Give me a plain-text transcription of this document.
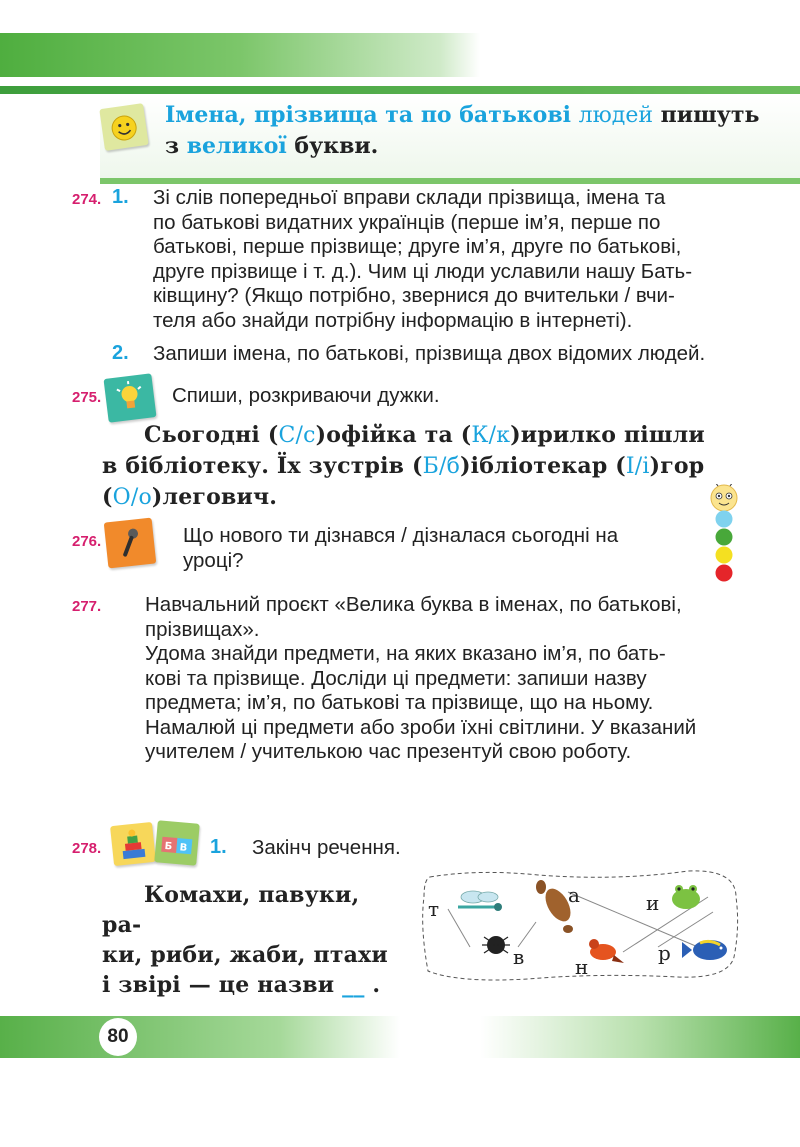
Імена, прізвища та по батькові людей пишуть
з великої букви.
274. 1. Зі слів попередньої вправи склади прізвища, імена та
по батькові видатних українців (перше ім’я, перше по
батькові, перше прізвище; друге ім’я, друге по батькові,
друге прізвище і т. д.). Чим ці люди уславили нашу Бать-
ківщину? (Якщо потрібно, звернися до вчительки / вчи-
теля або знайди потрібну інформацію в інтернеті).
2. Запиши імена, по батькові, прізвища двох відомих людей.
275.	Спиши, розкриваючи дужки.
Сьогодні (С/с)офійка та (К/к)ирилко пішли
в бібліотеку. Їх зустрів (Б/б)ібліотекар (І/і)гор
(О/о)легович.
276.	Що нового ти дізнався / дізналася сьогодні на
уроці?
277. Навчальний проєкт «Велика буква в іменах, по батькові,
прізвищах».
Удома знайди предмети, на яких вказано ім’я, по бать-
кові та прізвище. Досліди ці предмети: запиши назву
предмета; ім’я, по батькові та прізвище, що на ньому.
Намалюй ці предмети або зроби їхні світлини. У вказаний
учителем / учителькою час презентуй свою роботу.
278.	Б В 1. Закінч речення.
Комахи, павуки, ра-
ки, риби, жаби, птахи
і звірі — це назви __ .
т
а	и
в	н
р
80
